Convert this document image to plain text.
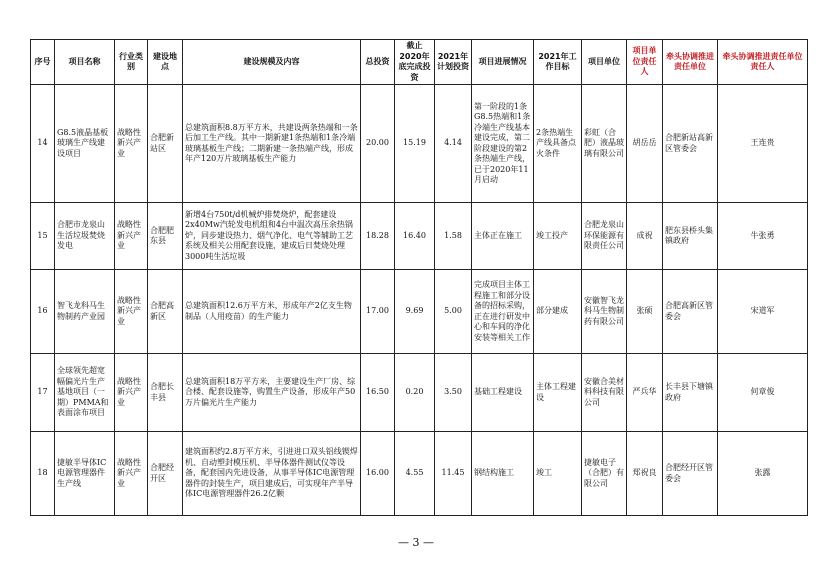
序号	项目名称	行业类别	建设地点	建设规模及内容	总投资	截止2020年底完成投资	2021年计划投资	项目进展情况	2021年工作目标	项目单位	项目单位责任人	牵头协调推进责任单位	牵头协调推进责任单位责任人
14	G8.5液晶基板玻璃生产线建设项目	战略性新兴产业	合肥新站区	总建筑面积8.8万平方米，共建设两条热端和一条后加工生产线。其中一期新建1条热端和1条冷端玻璃基板生产线；二期新建一条热端产线，形成年产120万片玻璃基板生产能力	20.00	15.19	4.14	第一阶段的1条G8.5热端和1条冷端生产线基本建设完成，第二阶段建设的第2条热端生产线，已于2020年11月启动	2条热端生产线具备点火条件	彩虹（合肥）液晶玻璃有限公司	胡岳岳	合肥新站高新区管委会	王连贵
15	合肥市龙泉山生活垃圾焚烧发电	战略性新兴产业	合肥肥东县	新增4台750t/d机械炉排焚烧炉，配套建设2x40Mw汽轮发电机组和4台中温次高压余热锅炉，同步建设热力、烟气净化、电气等辅助工艺系统及相关公用配套设施，建成后日焚烧处理3000吨生活垃圾	18.28	16.40	1.58	主体正在施工	竣工投产	合肥龙泉山环保能源有限责任公司	成祝	肥东县桥头集镇政府	牛张勇
16	智飞龙科马生物制药产业园	战略性新兴产业	合肥高新区	总建筑面积12.6万平方米，形成年产2亿支生物制品（人用疫苗）的生产能力	17.00	9.69	5.00	完成项目主体工程施工和部分设备的招标采购，正在进行研发中心和车间的净化安装等相关工作	部分建成	安徽智飞龙科马生物制药有限公司	张硕	合肥高新区管委会	宋道军
17	全球领先超宽幅偏光片生产基地项目（一期）PMMA和表面涂布项目	战略性新兴产业	合肥长丰县	总建筑面积18万平方米，主要建设生产厂房、综合楼、配套设施等，购置生产设备，形成年产50万片偏光片生产能力	16.50	0.20	3.50	基础工程建设	主体工程建设	安徽合美材料科技有限公司	严兵华	长丰县下塘镇政府	何章俊
18	捷敏半导体IC电源管理器件生产线	战略性新兴产业	合肥经开区	建筑面积约2.8万平方米，引进进口双头铝线锲焊机、自动塑封模压机、半导体器件测试仪等设备，配套国内先进设备，从事半导体IC电源管理器件的封装生产，项目建成后，可实现年产半导体IC电源管理器件26.2亿颗	16.00	4.55	11.45	钢结构施工	竣工	捷敏电子（合肥）有限公司	郑祝良	合肥经开区管委会	张露
— 3 —
